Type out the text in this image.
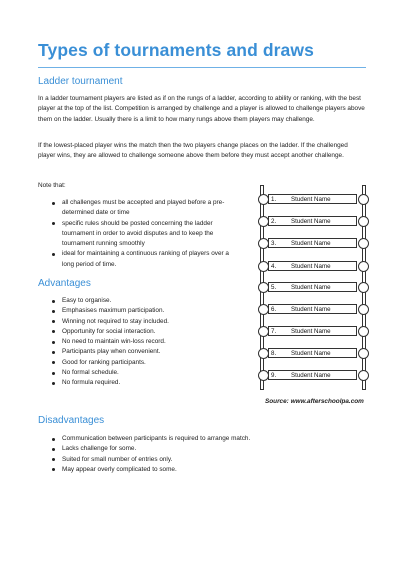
Types of tournaments and draws
Ladder tournament

In a ladder tournament players are listed as if on the rungs of a ladder, according to ability or ranking, with the best player at the top of the list. Competition is arranged by challenge and a player is allowed to challenge players above them on the ladder. Usually there is a limit to how many rungs above them players may challenge.

If the lowest-placed player wins the match then the two players change places on the ladder. If the challenged player wins, they are allowed to challenge someone above them before they must accept another challenge.

Note that:

all challenges must be accepted and played before a pre-determined date or time
specific rules should be posted concerning the ladder tournament in order to avoid disputes and to keep the tournament running smoothly
ideal for maintaining a continuous ranking of players over a long period of time.
Advantages
Easy to organise.
Emphasises maximum participation.
Winning not required to stay included.
Opportunity for social interaction.
No need to maintain win-loss record.
Participants play when convenient.
Good for ranking participants.
No formal schedule.
No formula required.
Disadvantages
Communication between participants is required to arrange match.
Lacks challenge for some.
Suited for small number of entries only.
May appear overly complicated to some.
1. Student Name
2. Student Name
3. Student Name
4. Student Name
5. Student Name
6. Student Name
7. Student Name
8. Student Name
9. Student Name
Source: www.afterschoolpa.com
